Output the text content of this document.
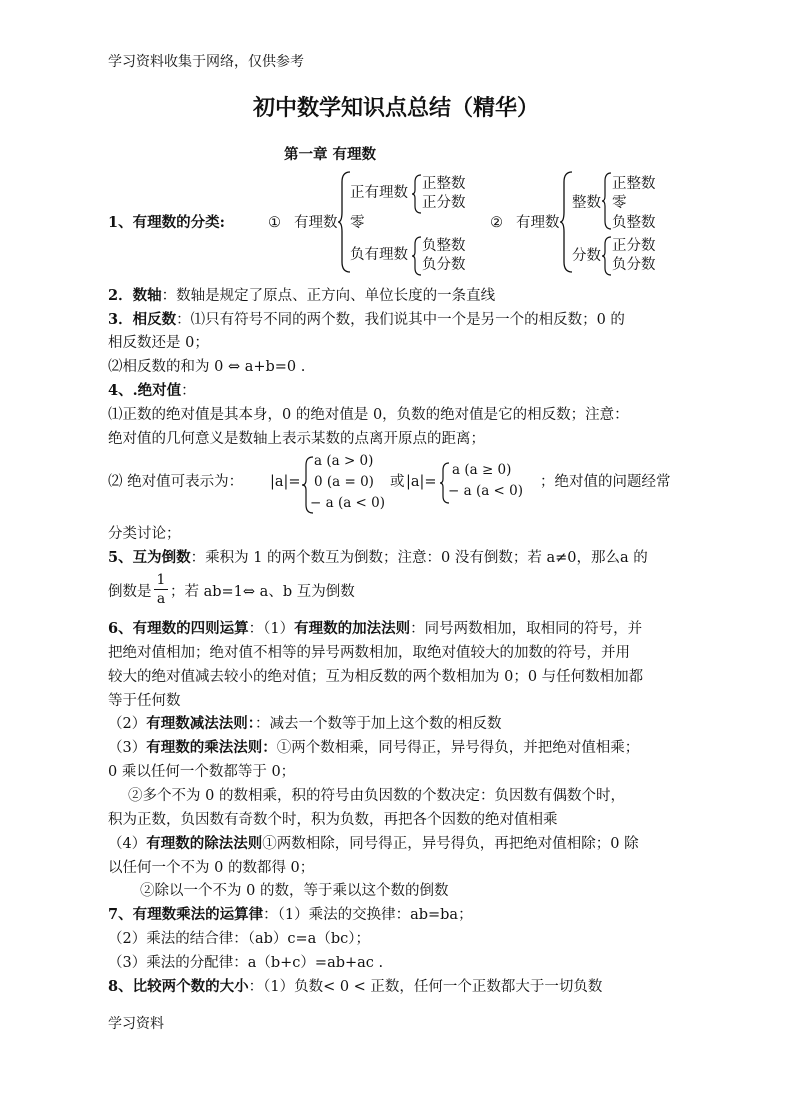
学习资料收集于网络，仅供参考
初中数学知识点总结（精华）
第一章 有理数
1、有理数的分类:	① 有理数
正有理数
正整数
正分数
零
负有理数
负整数
负分数
② 有理数
整数
正整数
零
负整数
分数
正分数
负分数
2．数轴：数轴是规定了原点、正方向、单位长度的一条直线
3．相反数：⑴只有符号不同的两个数，我们说其中一个是另一个的相反数；0 的
相反数还是 0；
⑵相反数的和为 0 ⇔ a+b=0 .
4、.绝对值：
⑴正数的绝对值是其本身，0 的绝对值是 0，负数的绝对值是它的相反数；注意：
绝对值的几何意义是数轴上表示某数的点离开原点的距离；
⑵ 绝对值可表示为： |a|=
a (a > 0)
0 (a = 0)
− a (a < 0)
或 |a|=
a (a ≥ 0)
− a (a < 0)
；绝对值的问题经常
分类讨论；
5、互为倒数：乘积为 1 的两个数互为倒数；注意：0 没有倒数；若 a≠0，那么a 的
倒数是
1
a ；若 ab=1⇔ a、b 互为倒数
6、有理数的四则运算：（1）有理数的加法法则：同号两数相加，取相同的符号，并
把绝对值相加；绝对值不相等的异号两数相加，取绝对值较大的加数的符号，并用
较大的绝对值减去较小的绝对值；互为相反数的两个数相加为 0；0 与任何数相加都
等于任何数
（2）有理数减法法则：：减去一个数等于加上这个数的相反数
（3）有理数的乘法法则：①两个数相乘，同号得正，异号得负，并把绝对值相乘；
0 乘以任何一个数都等于 0；
②多个不为 0 的数相乘，积的符号由负因数的个数决定：负因数有偶数个时，
积为正数，负因数有奇数个时，积为负数，再把各个因数的绝对值相乘
（4）有理数的除法法则①两数相除，同号得正，异号得负，再把绝对值相除；0 除
以任何一个不为 0 的数都得 0；
②除以一个不为 0 的数，等于乘以这个数的倒数
7、有理数乘法的运算律：（1）乘法的交换律：ab=ba；
（2）乘法的结合律：（ab）c=a（bc）；
（3）乘法的分配律：a（b+c）=ab+ac .
8、比较两个数的大小：（1）负数< 0 < 正数，任何一个正数都大于一切负数
学习资料
